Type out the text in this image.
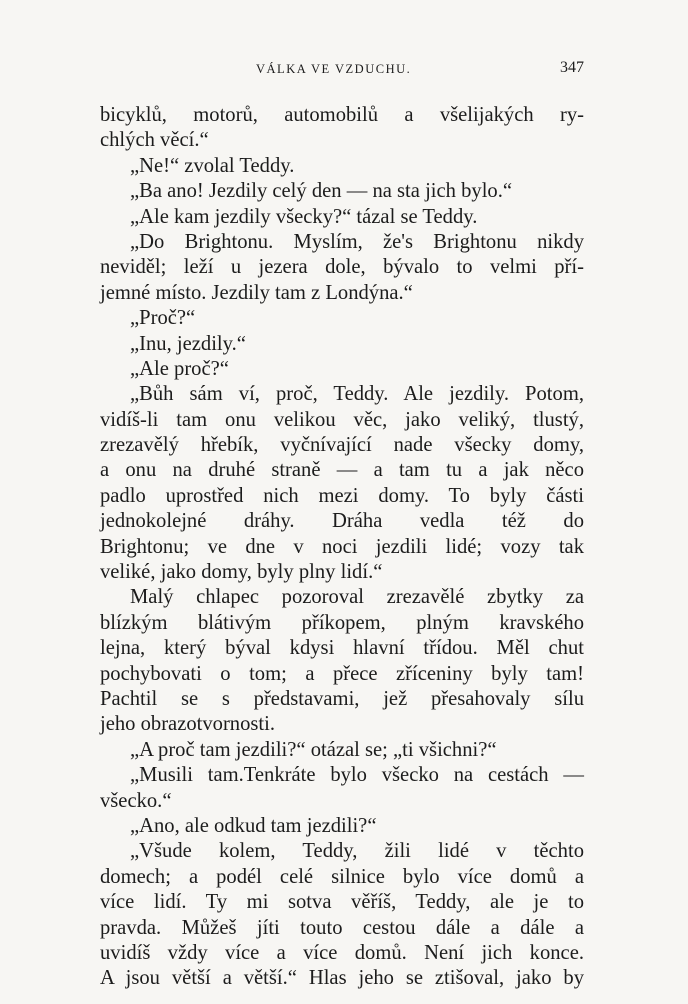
VÁLKA VE VZDUCHU.	347
bicyklů, motorů, automobilů a všelijakých ry-
chlých věcí.“
„Ne!“ zvolal Teddy.
„Ba ano! Jezdily celý den — na sta jich bylo.“
„Ale kam jezdily všecky?“ tázal se Teddy.
„Do Brightonu. Myslím, že's Brightonu nikdy
neviděl; leží u jezera dole, bývalo to velmi pří-
jemné místo. Jezdily tam z Londýna.“
„Proč?“
„Inu, jezdily.“
„Ale proč?“
„Bůh sám ví, proč, Teddy. Ale jezdily. Potom,
vidíš-li tam onu velikou věc, jako veliký, tlustý,
zrezavělý hřebík, vyčnívající nade všecky domy,
a onu na druhé straně — a tam tu a jak něco
padlo uprostřed nich mezi domy. To byly části
jednokolejné dráhy. Dráha vedla též do
Brightonu; ve dne v noci jezdili lidé; vozy tak
veliké, jako domy, byly plny lidí.“
Malý chlapec pozoroval zrezavělé zbytky za
blízkým blátivým příkopem, plným kravského
lejna, který býval kdysi hlavní třídou. Měl chut
pochybovati o tom; a přece zříceniny byly tam!
Pachtil se s představami, jež přesahovaly sílu
jeho obrazotvornosti.
„A proč tam jezdili?“ otázal se; „ti všichni?“
„Musili tam.Tenkráte bylo všecko na cestách —
všecko.“
„Ano, ale odkud tam jezdili?“
„Všude kolem, Teddy, žili lidé v těchto
domech; a podél celé silnice bylo více domů a
více lidí. Ty mi sotva věříš, Teddy, ale je to
pravda. Můžeš jíti touto cestou dále a dále a
uvidíš vždy více a více domů. Není jich konce.
A jsou větší a větší.“ Hlas jeho se ztišoval, jako by
